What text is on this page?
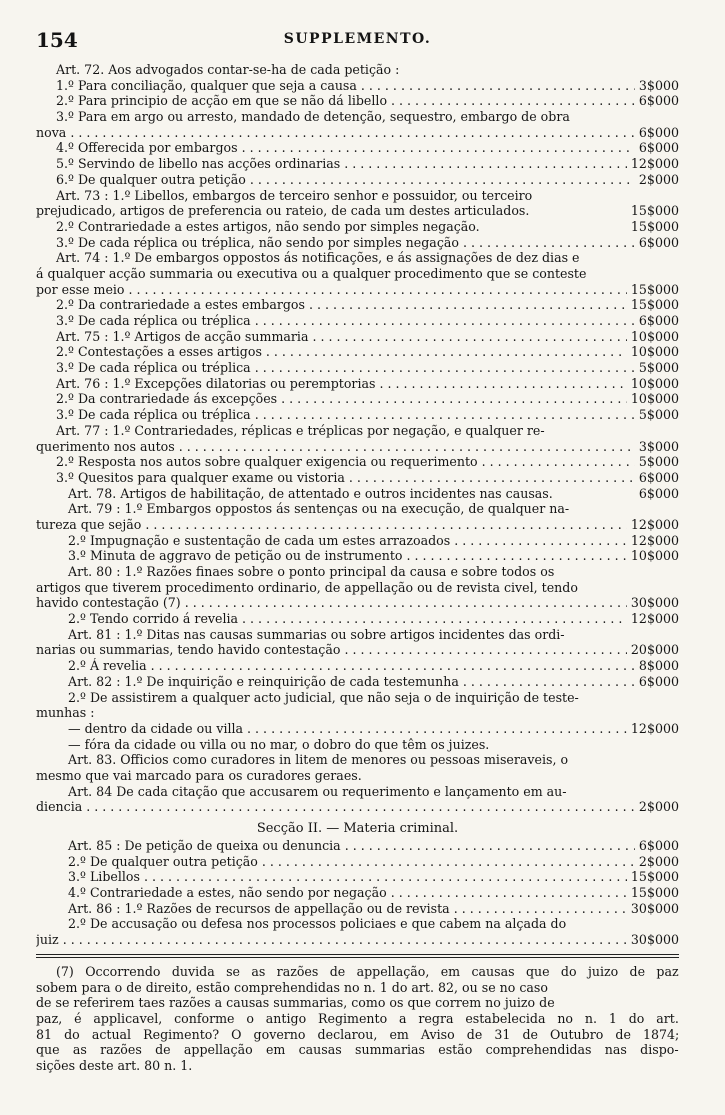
154	SUPPLEMENTO.
Art. 72. Aos advogados contar-se-ha de cada petição :
1.º Para conciliação, qualquer que seja a causa . . .	3$000
2.º Para principio de acção em que se não dá libello . . .	6$000
3.º Para em argo ou arresto, mandado de detenção, sequestro, embargo de obra
nova . . .	6$000
4.º Offerecida por embargos . . .	6$000
5.º Servindo de libello nas acções ordinarias . . .	12$000
6.º De qualquer outra petição . . .	2$000
Art. 73 : 1.º Libellos, embargos de terceiro senhor e possuidor, ou terceiro
prejudicado, artigos de preferencia ou rateio, de cada um destes articulados.	15$000
2.º Contrariedade a estes artigos, não sendo por simples negação.	15$000
3.º De cada réplica ou tréplica, não sendo por simples negação . . .	6$000
Art. 74 : 1.º De embargos oppostos ás notificações, e ás assignações de dez dias e
á qualquer acção summaria ou executiva ou a qualquer procedimento que se conteste
por esse meio . . .	15$000
2.º Da contrariedade a estes embargos . . .	15$000
3.º De cada réplica ou tréplica . . .	6$000
Art. 75 : 1.º Artigos de acção summaria . . .	10$000
2.º Contestações a esses artigos . . .	10$000
3.º De cada réplica ou tréplica . . .	5$000
Art. 76 : 1.º Excepções dilatorias ou peremptorias . . .	10$000
2.º Da contrariedade ás excepções . . .	10$000
3.º De cada réplica ou tréplica . . .	5$000
Art. 77 : 1.º Contrariedades, réplicas e tréplicas por negação, e qualquer re-
querimento nos autos . . .	3$000
2.º Resposta nos autos sobre qualquer exigencia ou requerimento . . .	5$000
3.º Quesitos para qualquer exame ou vistoria . . .	6$000
Art. 78. Artigos de habilitação, de attentado e outros incidentes nas causas.	6$000
Art. 79 : 1.º Embargos oppostos ás sentenças ou na execução, de qualquer na-
tureza que sejão . . .	12$000
2.º Impugnação e sustentação de cada um estes arrazoados . . .	12$000
3.º Minuta de aggravo de petição ou de instrumento . . .	10$000
Art. 80 : 1.º Razões finaes sobre o ponto principal da causa e sobre todos os
artigos que tiverem procedimento ordinario, de appellação ou de revista civel, tendo
havido contestação (7) . . .	30$000
2.º Tendo corrido á revelia . . .	12$000
Art. 81 : 1.º Ditas nas causas summarias ou sobre artigos incidentes das ordi-
narias ou summarias, tendo havido contestação . . .	20$000
2.º Á revelia . . .	8$000
Art. 82 : 1.º De inquirição e reinquirição de cada testemunha . . .	6$000
2.º De assistirem a qualquer acto judicial, que não seja o de inquirição de teste-
munhas :
— dentro da cidade ou villa . . .	12$000
— fóra da cidade ou villa ou no mar, o dobro do que têm os juizes.
Art. 83. Officios como curadores in litem de menores ou pessoas miseraveis, o
mesmo que vai marcado para os curadores geraes.
Art. 84 De cada citação que accusarem ou requerimento e lançamento em au-
diencia . . .	2$000
Secção II. — Materia criminal.
Art. 85 : De petição de queixa ou denuncia . . .	6$000
2.º De qualquer outra petição . . .	2$000
3.º Libellos . . .	15$000
4.º Contrariedade a estes, não sendo por negação . . .	15$000
Art. 86 : 1.º Razões de recursos de appellação ou de revista . . .	30$000
2.º De accusação ou defesa nos processos policiaes e que cabem na alçada do
juiz . . .	30$000
(7) Occorrendo duvida se as razões de appellação, em causas que do juizo de paz
sobem para o de direito, estão comprehendidas no n. 1 do art. 82, ou se no caso
de se referirem taes razões a causas summarias, como os que correm no juizo de
paz, é applicavel, conforme o antigo Regimento a regra estabelecida no n. 1 do art.
81 do actual Regimento? O governo declarou, em Aviso de 31 de Outubro de 1874;
que as razões de appellação em causas summarias estão comprehendidas nas dispo-
sições deste art. 80 n. 1.
